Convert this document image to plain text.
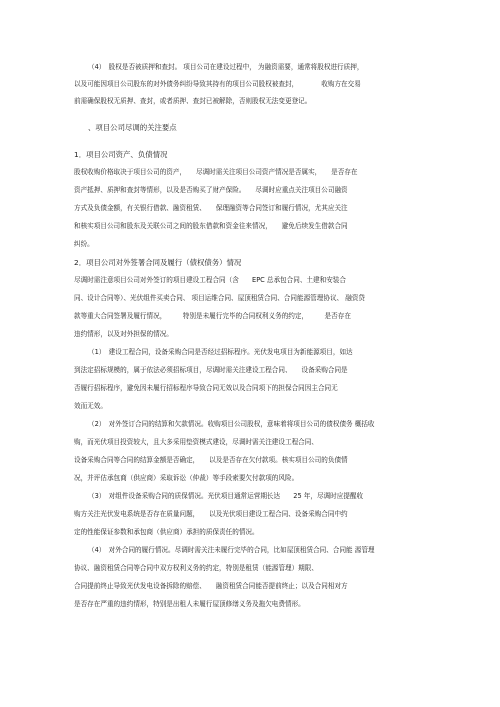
（4）　股权是否被质押和查封。 项目公司在建设过程中， 为融资需要，通常将股权进行质押，
以及可能因项目公司股东的对外债务纠纷导致其持有的项目公司股权被查封，　　　　收购方在交易
前需确保股权无质押、查封，或者质押、查封已被解除，否则股权无法变更登记。
、项目公司尽调的关注要点
1．项目公司资产、负债情况
股权收购价格取决于项目公司的资产，　　尽调时需关注项目公司资产情况是否属实，　　是否存在
资产抵押、质押和查封等情形，以及是否购买了财产保险。　　尽调时应重点关注项目公司融资
方式及负债金额，有关银行借款、融资租赁、　　保理融资等合同签订和履行情况，尤其应关注
和核实项目公司和股东及关联公司之间的股东借款和资金往来情况，　　避免后续发生借款合同
纠纷。
2．项目公司对外签署合同及履行（债权债务）情况
尽调时需注意项目公司对外签订的项目建设工程合同（含　　EPC 总承包合同、土建和安装合
同、设计合同等）、光伏组件买卖合同、 项目运维合同、屋顶租赁合同、合同能源管理协议、 融资贷
款等重大合同签署及履行情况，　　　特别是未履行完毕的合同权利义务的约定，　　　是否存在
违约情形，以及对外担保的情况。
（1）　建设工程合同，设备采购合同是否经过招标程序。光伏发电项目为新能源项目，如达
到法定招标规模的，属于依法必须招标项目，尽调时需关注建设工程合同、　　设备采购合同是
否履行招标程序，避免因未履行招标程序导致合同无效以及合同项下的担保合同因主合同无
效而无效。
（2）　对外签订合同的结算和欠款情况。收购项目公司股权，意味着将项目公司的债权债务 概括收
购，而光伏项目投资较大，且大多采用垫资模式建设，尽调时需关注建设工程合同、
设备采购合同等合同的结算金额是否确定，　　以及是否存在欠付款项。核实项目公司的负债情
况，并评估承包商（供应商）采取诉讼（仲裁）等手段索要欠付款项的风险。
（3）　对组件设备采购合同的质保情况。光伏项目通常运营期长达　　25 年，尽调时应提醒收
购方关注光伏发电系统是否存在质量问题，　　以及光伏项目建设工程合同、设备采购合同中约
定的性能保证参数和承包商（供应商）承担的质保责任的情况。
（4）　对外合同的履行情况。尽调时需关注未履行完毕的合同，比如屋顶租赁合同、合同能 源管理
协议、融资租赁合同等合同中双方权利义务的约定，特别是租赁（能源管理）期限、
合同提前终止导致光伏发电设备拆除的赔偿、　　融资租赁合同能否提前终止；以及合同相对方
是否存在严重的违约情形，特别是出租人未履行屋顶修缮义务及拖欠电费情形。
